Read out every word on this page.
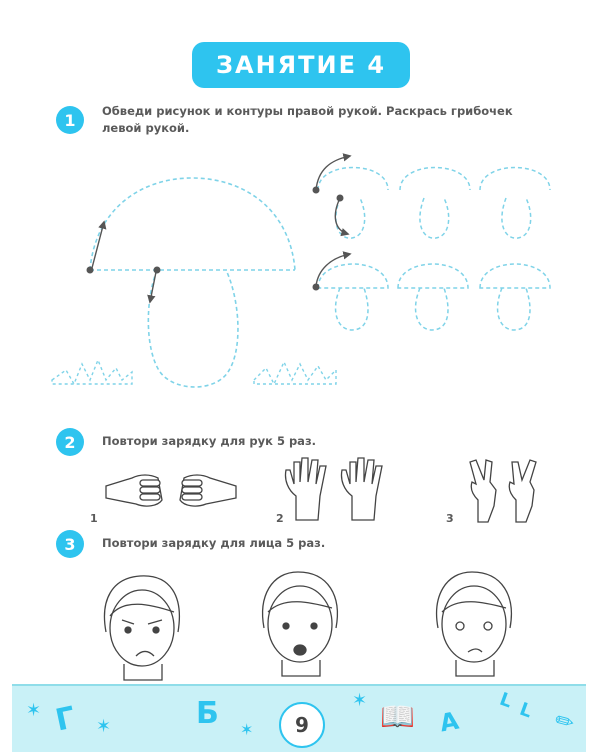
ЗАНЯТИЕ 4
1	Обведи рисунок и контуры правой рукой. Раскрась грибочек левой рукой.
2	Повтори зарядку для рук 5 раз.
3	Повтори зарядку для лица 5 раз.
1	2	3
Г	Б	А
L L
✶
✶	✶
✶ 📖	✎
9
